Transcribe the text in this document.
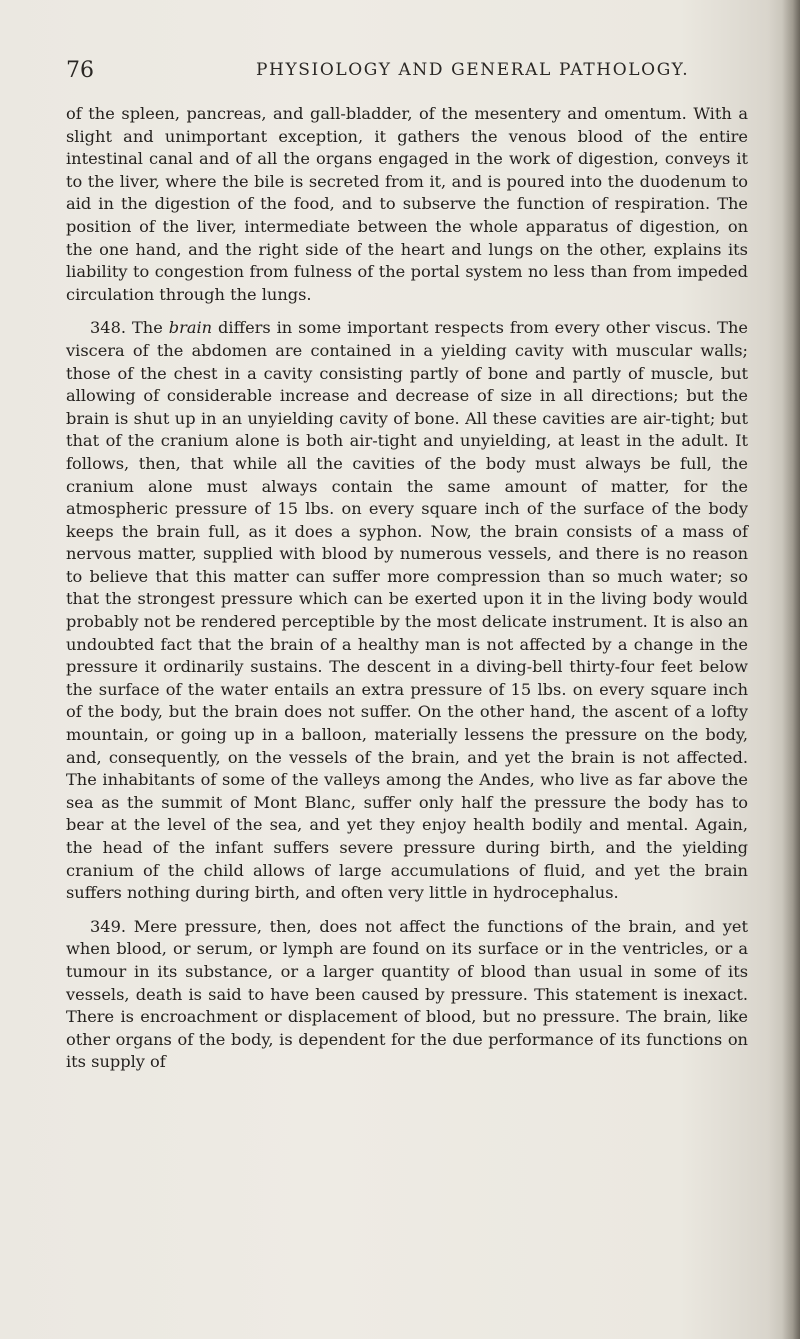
76	PHYSIOLOGY AND GENERAL PATHOLOGY.

of the spleen, pancreas, and gall-bladder, of the mesentery and omentum. With a slight and unimportant exception, it gathers the venous blood of the entire intestinal canal and of all the organs engaged in the work of digestion, conveys it to the liver, where the bile is secreted from it, and is poured into the duodenum to aid in the digestion of the food, and to subserve the function of respiration. The position of the liver, intermediate between the whole apparatus of digestion, on the one hand, and the right side of the heart and lungs on the other, explains its liability to congestion from fulness of the portal system no less than from impeded circulation through the lungs.

348. The brain differs in some important respects from every other viscus. The viscera of the abdomen are contained in a yielding cavity with muscular walls; those of the chest in a cavity consisting partly of bone and partly of muscle, but allowing of considerable increase and decrease of size in all directions; but the brain is shut up in an unyielding cavity of bone. All these cavities are air-tight; but that of the cranium alone is both air-tight and unyielding, at least in the adult. It follows, then, that while all the cavities of the body must always be full, the cranium alone must always contain the same amount of matter, for the atmospheric pressure of 15 lbs. on every square inch of the surface of the body keeps the brain full, as it does a syphon. Now, the brain consists of a mass of nervous matter, supplied with blood by numerous vessels, and there is no reason to believe that this matter can suffer more compression than so much water; so that the strongest pressure which can be exerted upon it in the living body would probably not be rendered perceptible by the most delicate instrument. It is also an undoubted fact that the brain of a healthy man is not affected by a change in the pressure it ordinarily sustains. The descent in a diving-bell thirty-four feet below the surface of the water entails an extra pressure of 15 lbs. on every square inch of the body, but the brain does not suffer. On the other hand, the ascent of a lofty mountain, or going up in a balloon, materially lessens the pressure on the body, and, consequently, on the vessels of the brain, and yet the brain is not affected. The inhabitants of some of the valleys among the Andes, who live as far above the sea as the summit of Mont Blanc, suffer only half the pressure the body has to bear at the level of the sea, and yet they enjoy health bodily and mental. Again, the head of the infant suffers severe pressure during birth, and the yielding cranium of the child allows of large accumulations of fluid, and yet the brain suffers nothing during birth, and often very little in hydrocephalus.

349. Mere pressure, then, does not affect the functions of the brain, and yet when blood, or serum, or lymph are found on its surface or in the ventricles, or a tumour in its substance, or a larger quantity of blood than usual in some of its vessels, death is said to have been caused by pressure. This statement is inexact. There is encroachment or displacement of blood, but no pressure. The brain, like other organs of the body, is dependent for the due performance of its functions on its supply of
